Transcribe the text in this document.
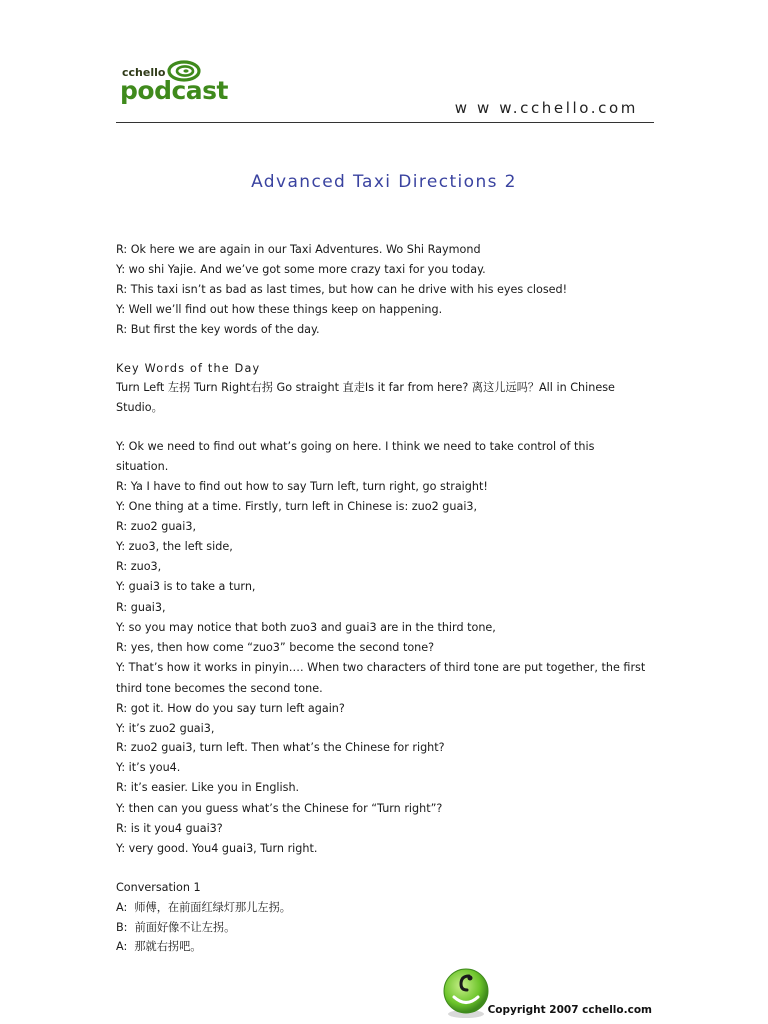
cchello
podcast
w w w.cchello.com
Advanced Taxi Directions 2
R: Ok here we are again in our Taxi Adventures. Wo Shi Raymond
Y: wo shi Yajie. And we’ve got some more crazy taxi for you today.
R: This taxi isn’t as bad as last times, but how can he drive with his eyes closed!
Y: Well we’ll find out how these things keep on happening.
R: But first the key words of the day.
Key Words of the Day
Turn Left 左拐 Turn Right右拐 Go straight 直走Is it far from here? 离这儿远吗？All in Chinese
Studio。
Y: Ok we need to find out what’s going on here. I think we need to take control of this
situation.
R: Ya I have to find out how to say Turn left, turn right, go straight!
Y: One thing at a time. Firstly, turn left in Chinese is: zuo2 guai3,
R: zuo2 guai3,
Y: zuo3, the left side,
R: zuo3,
Y: guai3 is to take a turn,
R: guai3,
Y: so you may notice that both zuo3 and guai3 are in the third tone,
R: yes, then how come “zuo3” become the second tone?
Y: That’s how it works in pinyin…. When two characters of third tone are put together, the first
third tone becomes the second tone.
R: got it. How do you say turn left again?
Y: it’s zuo2 guai3,
R: zuo2 guai3, turn left. Then what’s the Chinese for right?
Y: it’s you4.
R: it’s easier. Like you in English.
Y: then can you guess what’s the Chinese for “Turn right”?
R: is it you4 guai3?
Y: very good. You4 guai3, Turn right.
Conversation 1
A: 师傅，在前面红绿灯那儿左拐。
B: 前面好像不让左拐。
A: 那就右拐吧。
Copyright 2007 cchello.com
